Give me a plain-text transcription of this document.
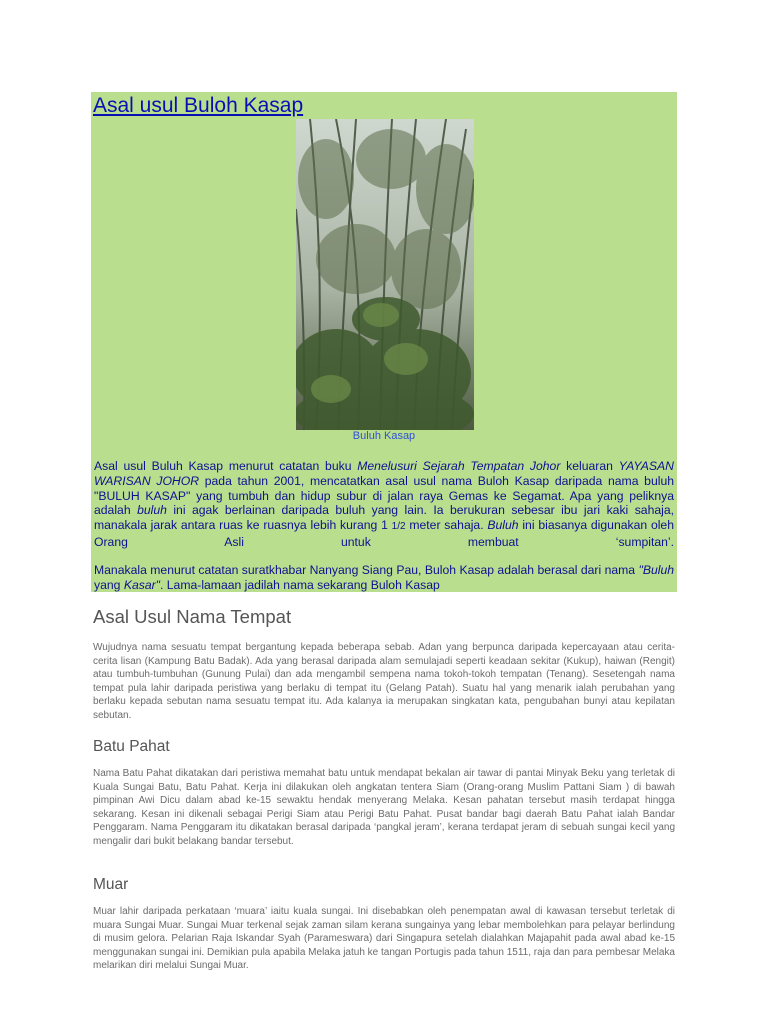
Asal usul Buloh Kasap
Buluh Kasap
Asal usul Buluh Kasap menurut catatan buku Menelusuri Sejarah Tempatan Johor keluaran YAYASAN WARISAN JOHOR pada tahun 2001, mencatatkan asal usul nama Buloh Kasap daripada nama buluh "BULUH KASAP" yang tumbuh dan hidup subur di jalan raya Gemas ke Segamat. Apa yang peliknya adalah buluh ini agak berlainan daripada buluh yang lain. Ia berukuran sebesar ibu jari kaki sahaja, manakala jarak antara ruas ke ruasnya lebih kurang 1 1/2 meter sahaja. Buluh ini biasanya digunakan oleh Orang Asli untuk membuat ‘sumpitan’.
Manakala menurut catatan suratkhabar Nanyang Siang Pau, Buloh Kasap adalah berasal dari nama "Buluh yang Kasar". Lama-lamaan jadilah nama sekarang Buloh Kasap
Asal Usul Nama Tempat
Wujudnya nama sesuatu tempat bergantung kepada beberapa sebab. Adan yang berpunca daripada kepercayaan atau cerita-cerita lisan (Kampung Batu Badak). Ada yang berasal daripada alam semulajadi seperti keadaan sekitar (Kukup), haiwan (Rengit) atau tumbuh-tumbuhan (Gunung Pulai) dan ada mengambil sempena nama tokoh-tokoh tempatan (Tenang). Sesetengah nama tempat pula lahir daripada peristiwa yang berlaku di tempat itu (Gelang Patah). Suatu hal yang menarik ialah perubahan yang berlaku kepada sebutan nama sesuatu tempat itu. Ada kalanya ia merupakan singkatan kata, pengubahan bunyi atau kepilatan sebutan.
Batu Pahat
Nama Batu Pahat dikatakan dari peristiwa memahat batu untuk mendapat bekalan air tawar di pantai Minyak Beku yang terletak di Kuala Sungai Batu, Batu Pahat. Kerja ini dilakukan oleh angkatan tentera Siam (Orang-orang Muslim Pattani Siam ) di bawah pimpinan Awi Dicu dalam abad ke-15 sewaktu hendak menyerang Melaka. Kesan pahatan tersebut masih terdapat hingga sekarang. Kesan ini dikenali sebagai Perigi Siam atau Perigi Batu Pahat. Pusat bandar bagi daerah Batu Pahat ialah Bandar Penggaram. Nama Penggaram itu dikatakan berasal daripada ‘pangkal jeram’, kerana terdapat jeram di sebuah sungai kecil yang mengalir dari bukit belakang bandar tersebut.
Muar
Muar lahir daripada perkataan ‘muara’ iaitu kuala sungai. Ini disebabkan oleh penempatan awal di kawasan tersebut terletak di muara Sungai Muar. Sungai Muar terkenal sejak zaman silam kerana sungainya yang lebar membolehkan para pelayar berlindung di musim gelora. Pelarian Raja Iskandar Syah (Parameswara) dari Singapura setelah dialahkan Majapahit pada awal abad ke-15 menggunakan sungai ini. Demikian pula apabila Melaka jatuh ke tangan Portugis pada tahun 1511, raja dan para pembesar Melaka melarikan diri melalui Sungai Muar.
